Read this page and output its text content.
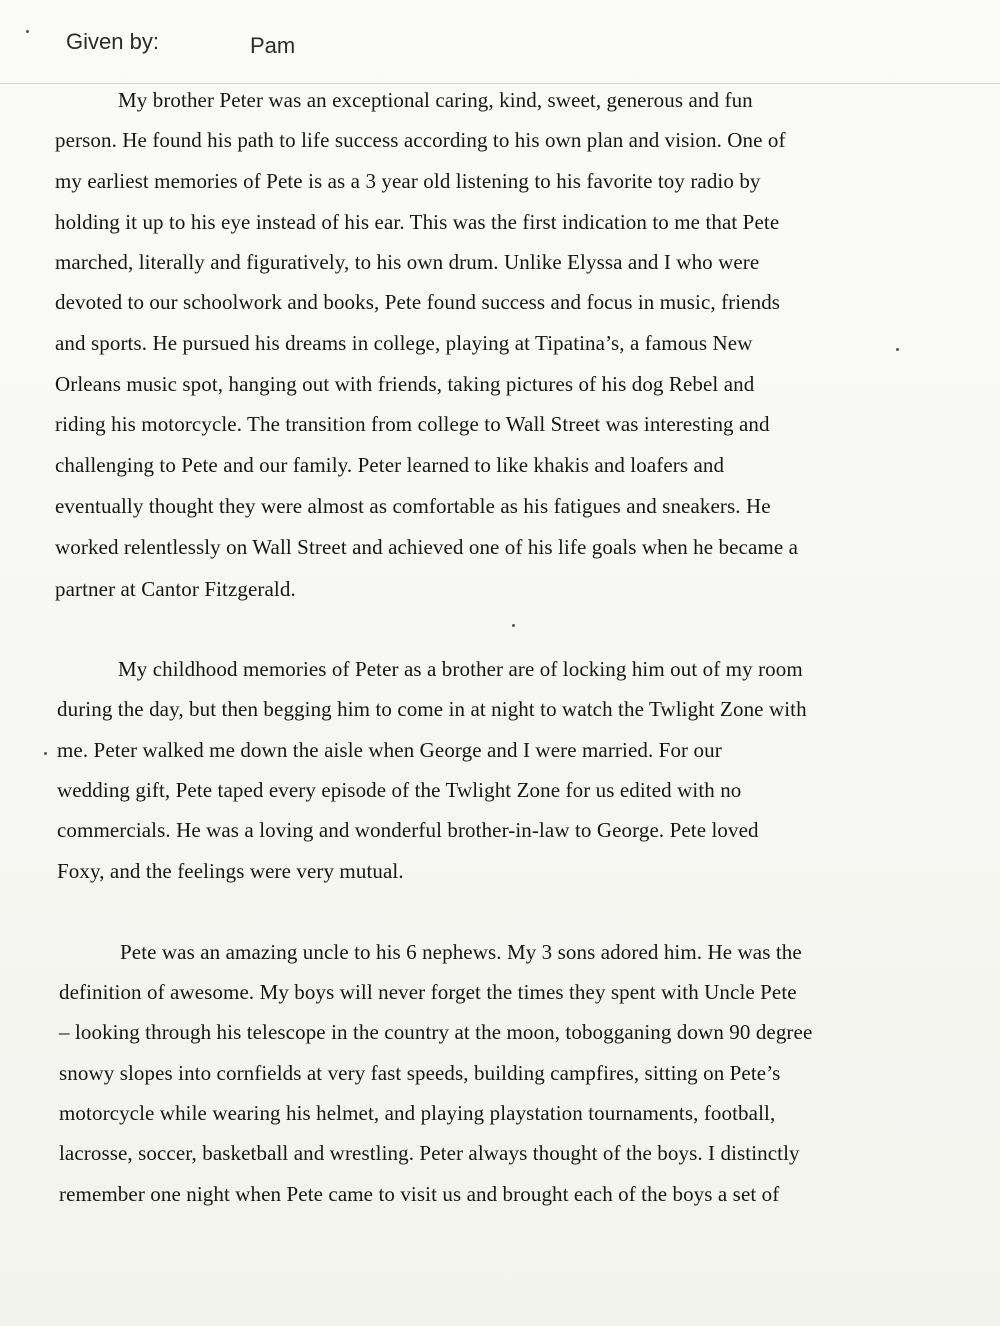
Given by:	Pam
My brother Peter was an exceptional caring, kind, sweet, generous and fun
person. He found his path to life success according to his own plan and vision. One of
my earliest memories of Pete is as a 3 year old listening to his favorite toy radio by
holding it up to his eye instead of his ear. This was the first indication to me that Pete
marched, literally and figuratively, to his own drum. Unlike Elyssa and I who were
devoted to our schoolwork and books, Pete found success and focus in music, friends
and sports. He pursued his dreams in college, playing at Tipatina’s, a famous New
Orleans music spot, hanging out with friends, taking pictures of his dog Rebel and
riding his motorcycle. The transition from college to Wall Street was interesting and
challenging to Pete and our family. Peter learned to like khakis and loafers and
eventually thought they were almost as comfortable as his fatigues and sneakers. He
worked relentlessly on Wall Street and achieved one of his life goals when he became a
partner at Cantor Fitzgerald.
My childhood memories of Peter as a brother are of locking him out of my room
during the day, but then begging him to come in at night to watch the Twlight Zone with
me. Peter walked me down the aisle when George and I were married. For our
wedding gift, Pete taped every episode of the Twlight Zone for us edited with no
commercials. He was a loving and wonderful brother-in-law to George. Pete loved
Foxy, and the feelings were very mutual.
Pete was an amazing uncle to his 6 nephews. My 3 sons adored him. He was the
definition of awesome. My boys will never forget the times they spent with Uncle Pete
– looking through his telescope in the country at the moon, tobogganing down 90 degree
snowy slopes into cornfields at very fast speeds, building campfires, sitting on Pete’s
motorcycle while wearing his helmet, and playing playstation tournaments, football,
lacrosse, soccer, basketball and wrestling. Peter always thought of the boys. I distinctly
remember one night when Pete came to visit us and brought each of the boys a set of
